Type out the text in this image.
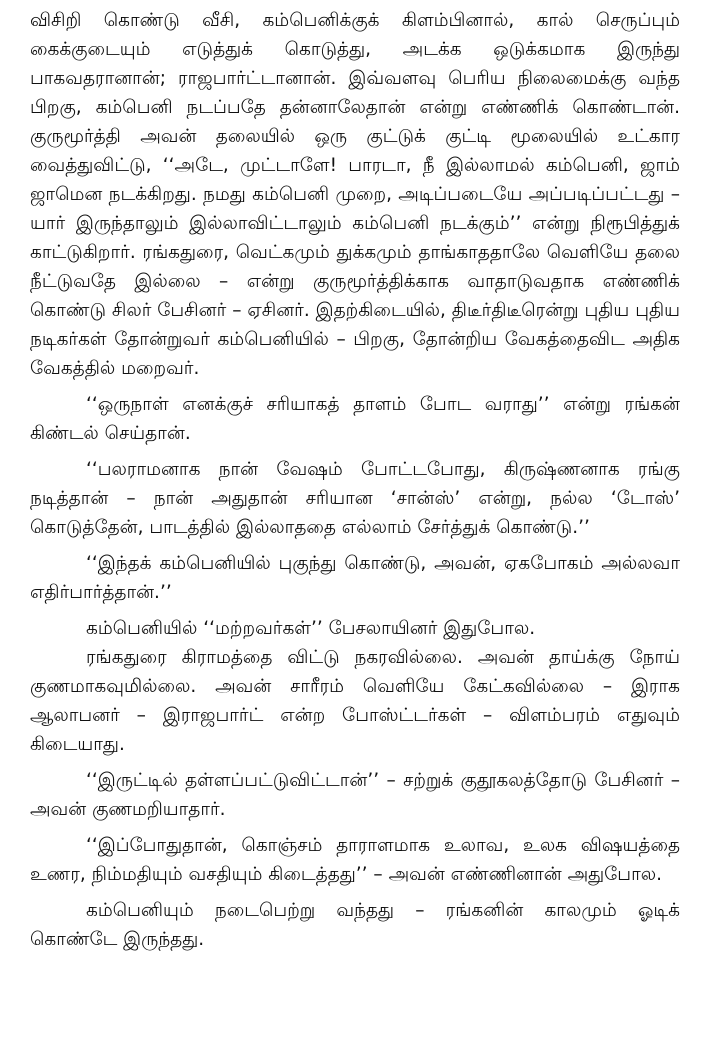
விசிறி கொண்டு வீசி, கம்பெனிக்குக் கிளம்பினால், கால் செருப்பும் கைக்குடையும் எடுத்துக் கொடுத்து, அடக்க ஒடுக்கமாக இருந்து பாகவதரானான்; ராஜபார்ட்டானான். இவ்வளவு பெரிய நிலைமைக்கு வந்த பிறகு, கம்பெனி நடப்பதே தன்னாலேதான் என்று எண்ணிக் கொண்டான். குருமூர்த்தி அவன் தலையில் ஒரு குட்டுக் குட்டி மூலையில் உட்கார வைத்துவிட்டு, ‘‘அடே, முட்டாளே! பாரடா, நீ இல்லாமல் கம்பெனி, ஜாம் ஜாமென நடக்கிறது. நமது கம்பெனி முறை, அடிப்படையே அப்படிப்பட்டது – யார் இருந்தாலும் இல்லாவிட்டாலும் கம்பெனி நடக்கும்’’ என்று நிரூபித்துக் காட்டுகிறார். ரங்கதுரை, வெட்கமும் துக்கமும் தாங்காததாலே வெளியே தலை நீட்டுவதே இல்லை – என்று குருமூர்த்திக்காக வாதாடுவதாக எண்ணிக் கொண்டு சிலர் பேசினர் – ஏசினர். இதற்கிடையில், திடீர்திடீரென்று புதிய புதிய நடிகர்கள் தோன்றுவர் கம்பெனியில் – பிறகு, தோன்றிய வேகத்தைவிட அதிக வேகத்தில் மறைவர்.

‘‘ஒருநாள் எனக்குச் சரியாகத் தாளம் போட வராது’’ என்று ரங்கன் கிண்டல் செய்தான்.

‘‘பலராமனாக நான் வேஷம் போட்டபோது, கிருஷ்ணனாக ரங்கு நடித்தான் – நான் அதுதான் சரியான ‘சான்ஸ்’ என்று, நல்ல ‘டோஸ்’ கொடுத்தேன், பாடத்தில் இல்லாததை எல்லாம் சேர்த்துக் கொண்டு.’’

‘‘இந்தக் கம்பெனியில் புகுந்து கொண்டு, அவன், ஏகபோகம் அல்லவா எதிர்பார்த்தான்.’’

கம்பெனியில் ‘‘மற்றவர்கள்’’ பேசலாயினர் இதுபோல.

ரங்கதுரை கிராமத்தை விட்டு நகரவில்லை. அவன் தாய்க்கு நோய் குணமாகவுமில்லை. அவன் சாரீரம் வெளியே கேட்கவில்லை – இராக ஆலாபனர் – இராஜபார்ட் என்ற போஸ்ட்டர்கள் – விளம்பரம் எதுவும் கிடையாது.

‘‘இருட்டில் தள்ளப்பட்டுவிட்டான்’’ – சற்றுக் குதூகலத்தோடு பேசினர் – அவன் குணமறியாதார்.

‘‘இப்போதுதான், கொஞ்சம் தாராளமாக உலாவ, உலக விஷயத்தை உணர, நிம்மதியும் வசதியும் கிடைத்தது’’ – அவன் எண்ணினான் அதுபோல.

கம்பெனியும் நடைபெற்று வந்தது – ரங்கனின் காலமும் ஓடிக் கொண்டே இருந்தது.
